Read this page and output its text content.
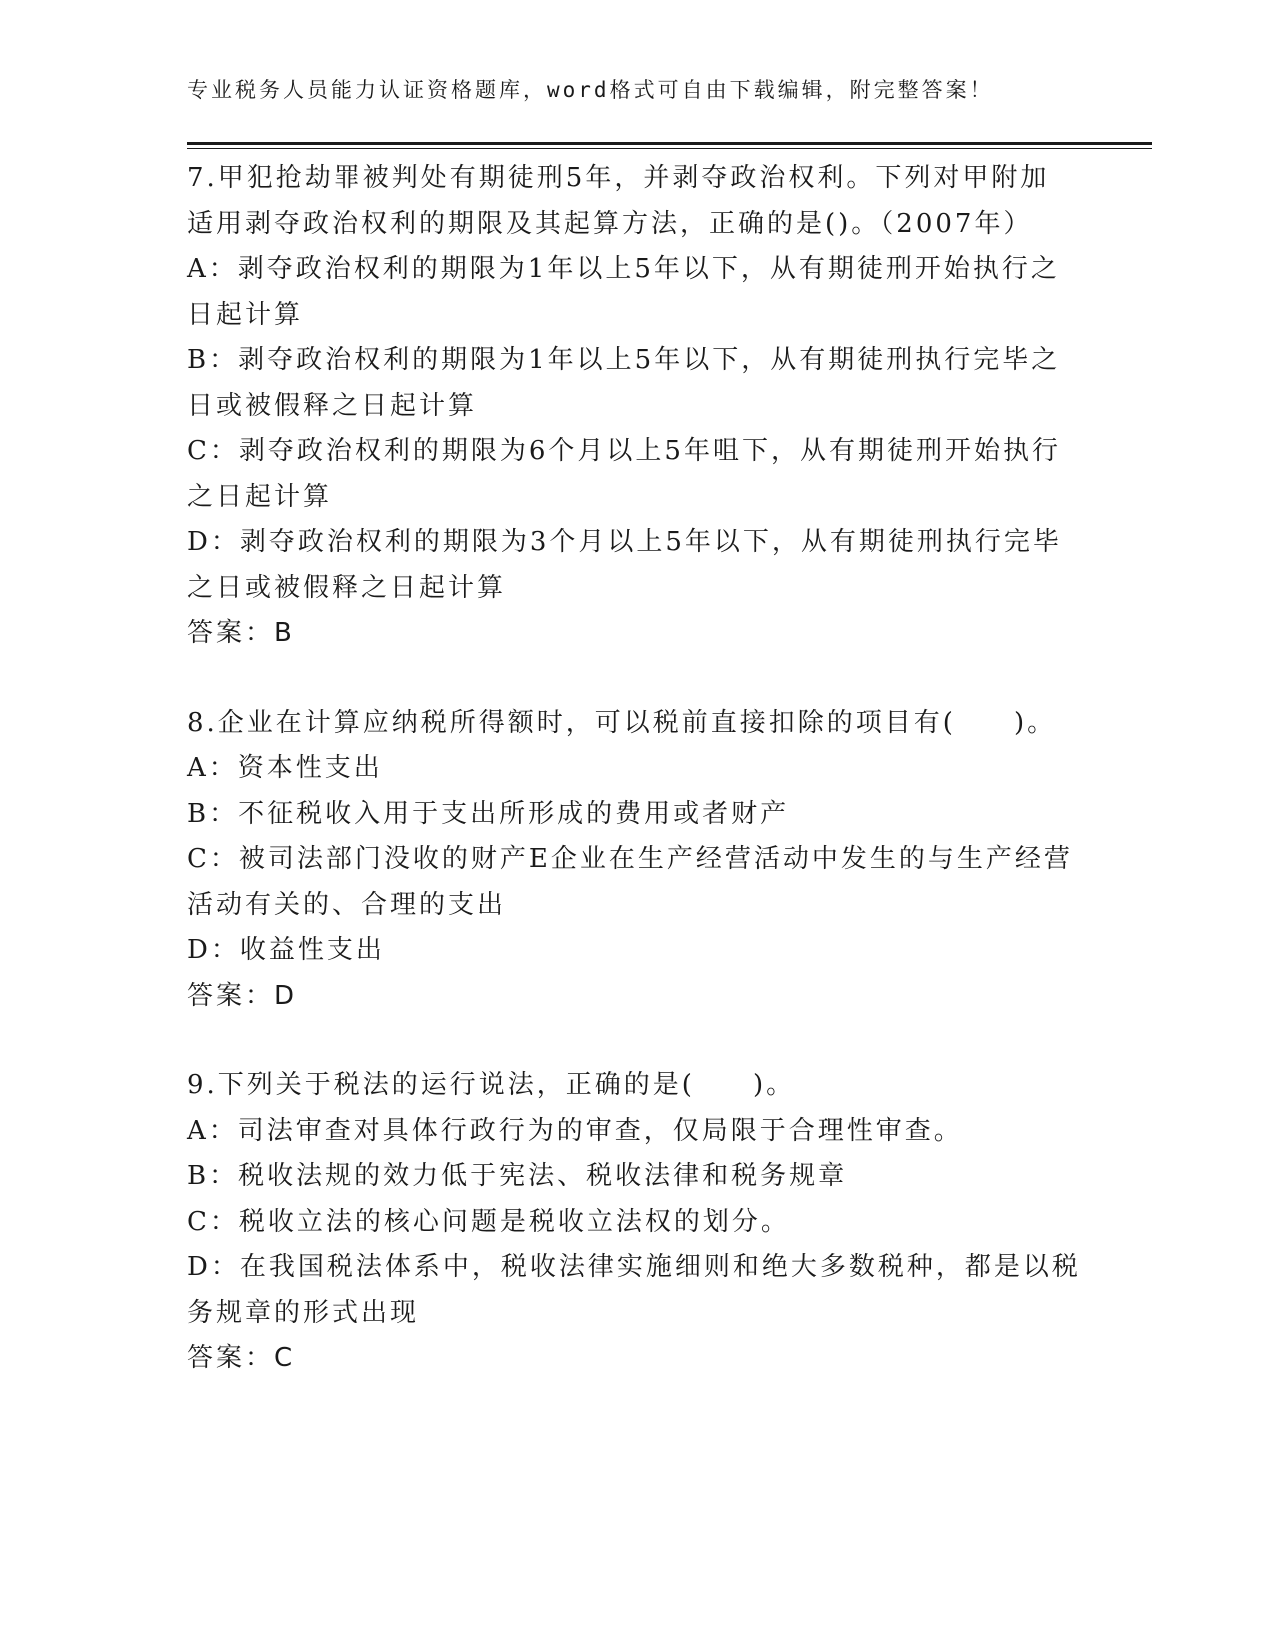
专业税务人员能力认证资格题库，word格式可自由下载编辑，附完整答案！
7.甲犯抢劫罪被判处有期徒刑5年，并剥夺政治权利。下列对甲附加
适用剥夺政治权利的期限及其起算方法，正确的是()。（2007年）
A：剥夺政治权利的期限为1年以上5年以下，从有期徒刑开始执行之
日起计算
B：剥夺政治权利的期限为1年以上5年以下，从有期徒刑执行完毕之
日或被假释之日起计算
C：剥夺政治权利的期限为6个月以上5年咀下，从有期徒刑开始执行
之日起计算
D：剥夺政治权利的期限为3个月以上5年以下，从有期徒刑执行完毕
之日或被假释之日起计算
答案：B
8.企业在计算应纳税所得额时，可以税前直接扣除的项目有(　　)。
A：资本性支出
B：不征税收入用于支出所形成的费用或者财产
C：被司法部门没收的财产E企业在生产经营活动中发生的与生产经营
活动有关的、合理的支出
D：收益性支出
答案：D
9.下列关于税法的运行说法，正确的是(　　)。
A：司法审查对具体行政行为的审查，仅局限于合理性审查。
B：税收法规的效力低于宪法、税收法律和税务规章
C：税收立法的核心问题是税收立法权的划分。
D：在我国税法体系中，税收法律实施细则和绝大多数税种，都是以税
务规章的形式出现
答案：C
